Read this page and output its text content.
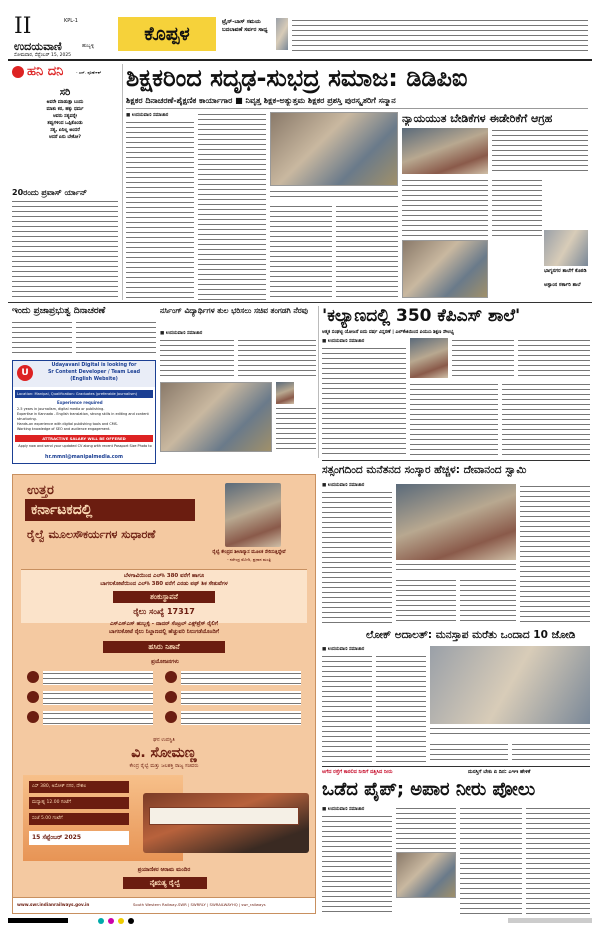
II	KPL-1
ಉದಯವಾಣಿ	ಹುಬ್ಬಳ್ಳಿ
ಸೋಮವಾರ, ಸೆಪ್ಟೆಂಬರ್ 15, 2025
ಕೊಪ್ಪಳ
ಟ್ರೈನ್-ಬಾಸ್ ಸಮಯ ಬದಲಾವಣೆ ಸರ್ವರ ಸಾಧ್ಯ
ಹನಿ ದನಿ	- ಎನ್. ಪೂರ್ಣೇಶ್
ಸರಿ
ಅವರೇ ಮಾಡುತ್ತಾ ಬಂದು
ಮಾತು ಕರ, ಹಕ್ಕು ಧರ್ಮ
ಆವರು ಸತ್ಯವನ್ನೇ
ತಪ್ಪುಗಳಿಂದ ಒಪ್ಪಿಕೊಂಡು
ಸತ್ಯ, ಏನಿಲ್ಲ ಅಂದರೆ
ಆದರೆ ಏನು ಬೇಕೋ?
20ರಂದು ಪ್ರವಾಸ್ ರ್ಯಾನ್
ಶಿಕ್ಷಕರಿಂದ ಸದೃಢ-ಸುಭದ್ರ ಸಮಾಜ: ಡಿಡಿಪಿಐ
ಶಿಕ್ಷಕರ ದಿನಾಚರಣೆ-ಶೈಕ್ಷಣಿಕ ಕಾರ್ಯಾಗಾರ ■ ನಿವೃತ್ತ ಶಿಕ್ಷಕ-ಅತ್ಯುತ್ತಮ ಶಿಕ್ಷಕರ ಪ್ರಶಸ್ತಿ ಪುರಸ್ಕೃತರಿಗೆ ಸನ್ಮಾನ
■ ಉದಯವಾಣಿ ಸಮಾಚಾರ	ನ್ಯಾಯಯುತ ಬೇಡಿಕೆಗಳ ಈಡೇರಿಕೆಗೆ ಆಗ್ರಹ
ಭಾಗ್ಯನಗರ ಶಾಲೆಗೆ ಕೊಠಡಿ
ಅಸ್ಸಾಂನ ಸರ್ಕಾರಿ ಶಾಲೆ
ಇಂದು ಪ್ರಜಾಪ್ರಭುತ್ವ ದಿನಾಚರಣೆ
U
Udayavani Digital is looking for
Sr Content Developer / Team Lead
(English Website)
Location: Manipal, Qualification: Graduates (preferable Journalism)
Experience required
2-5 years in journalism, digital media or publishing.
Expertise in Kannada - English translation, strong skills in editing and content structuring.
Hands-on experience with digital publishing tools and CMS.
Working knowledge of SEO and audience engagement.
ATTRACTIVE SALARY WILL BE OFFERED
Apply now and send your updated CV along with recent Passport Size Photo to
hr.mmnl@manipalmedia.com
ನರ್ಸಿಂಗ್ ವಿದ್ಯಾರ್ಥಿಗಳ ತುಲ ಭರಿಸಲು ಸಚಿವ ತಂಗಡಗಿ ನೆರವು
■ ಉದಯವಾಣಿ ಸಮಾಚಾರ
'ಕಲ್ಯಾಣದಲ್ಲಿ 350 ಕೆಪಿಎಸ್ ಶಾಲೆ'
ಆತ್ಮಕ ಸಂಘಟ್ಟಿ ಯೋಜನೆ ಐದು ವರ್ಷ ವಿಸ್ತರಣೆ | ಎಲ್‌ಕೆಜಿಯಿಂದ ಪಿಯುಸಿ ಶಿಕ್ಷಣ ಸೌಲಭ್ಯ
■ ಉದಯವಾಣಿ ಸಮಾಚಾರ
ಉತ್ತರ
ಕರ್ನಾಟಕದಲ್ಲಿ
ರೈಲ್ವೆ ಮೂಲಸೌಕರ್ಯಗಳ ಸುಧಾರಣೆ
ರೈಲ್ವೆ ಕೇಂದ್ರದ ಶೀಲಾನ್ಯಾಸ ಮೂಲಕ ಸೇರಿಸುತ್ತಿದ್ದೇವೆ
- ನರೇಂದ್ರ ಮೋದಿ, ಪ್ರಧಾನ ಮಂತ್ರಿ
ಬೆಳಗಾವಿಯಿಂದ ಎಲ್‌ಸಿ 380 ವರೆಗೆ ಹಾಗೂ
ಬಾಗಲಕೋಟೆಯಿಂದ ಎಲ್‌ಸಿ 380 ವರೆಗೆ ಎರಡು ಪಥ್ ಶಿಕ ಸೇತುವೆಗಳ
ಶಂಕುಸ್ಥಾಪನೆ
ರೈಲು ಸಂಖ್ಯೆ 17317
ಎಸ್‌ಎಸ್‌ಎಸ್ ಹುಬ್ಬಳ್ಳಿ - ದಾದರ್ ಸೆಂಟ್ರಲ್ ಎಕ್ಸ್‌ಪ್ರೆಸ್ ರೈಲಿಗೆ
ಬಾಗಲಕೋಟೆ ರೈಲು ನಿಲ್ದಾಣದಲ್ಲಿ ಹೆಚ್ಚುವರಿ ನಿಲುಗಡೆಯೊಂದಿಗೆ
ಹಸಿರು ನಿಶಾನೆ
ಪ್ರಯೋಜನಗಳು
ಘನ ಉಪಸ್ಥಿತಿ
ವಿ. ಸೋಮಣ್ಣ
ಕೇಂದ್ರ ರೈಲ್ವೆ ಮತ್ತು ಜಲಶಕ್ತಿ ರಾಜ್ಯ ಸಚಿವರು
ಎಸ್ 380, ಅಸೋಕ್ ನಗರ, ದೇಶಲ
ಮಧ್ಯಾಹ್ನ 12.00 ಗಂಟೆಗೆ
ಸಂಜೆ 5.00 ಗಂಟೆಗೆ
15 ಸೆಪ್ಟೆಂಬರ್ 2025
ಪ್ರಯಾಣಿಕರ ಆರಾಮ ಮಂದಿರ
ನೈಋತ್ಯ ರೈಲ್ವೆ
www.swr.indianrailways.gov.in	South Western Railway-SWR | SWRRLY | SWRAILWAYHQ | swr_railways
ಸತ್ಸಂಗದಿಂದ ಮನೆತನದ ಸಂಸ್ಕಾರ ಹೆಚ್ಚಳ: ದೇವಾನಂದ ಸ್ವಾಮಿ
■ ಉದಯವಾಣಿ ಸಮಾಚಾರ
ಲೋಕ್ ಅದಾಲತ್: ಮನಸ್ತಾಪ ಮರೆತು ಒಂದಾದ 10 ಜೋಡಿ
■ ಉದಯವಾಣಿ ಸಮಾಚಾರ
ಅಗೆದ ರಸ್ತೆಗೆ ಕಾರಲಿದ ನೀರಿಗೆ ದತ್ತಿಸಿದ ನೀರು	ದುರಸ್ತಿಗೆ ಬೇಕು ಏ ದಿನ: ಎಇಇ ಹೇಳಿಕೆ
ಒಡೆದ ಪೈಪ್; ಅಪಾರ ನೀರು ಪೋಲು
■ ಉದಯವಾಣಿ ಸಮಾಚಾರ
